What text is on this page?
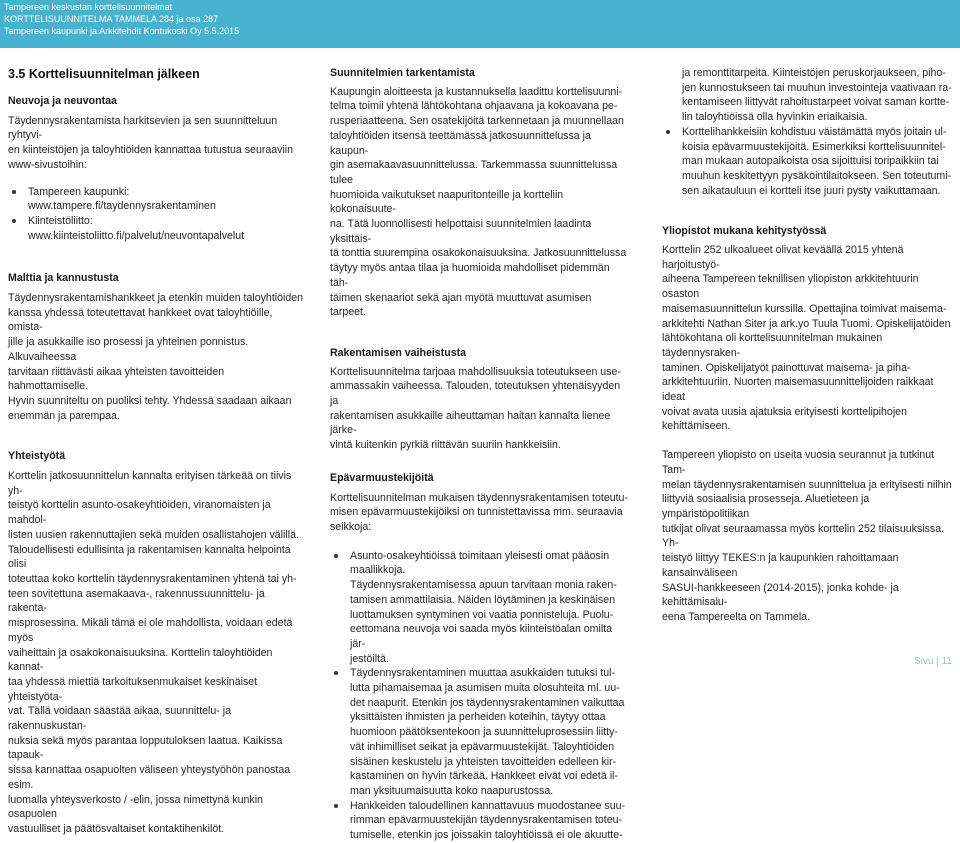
Tampereen keskustan korttelisuunnitelmat
KORTTELISUUNNITELMA TAMMELA 284 ja osa 287
Tampereen kaupunki ja Arkkitehdit Kontukoski Oy 5.5.2015
3.5 Korttelisuunnitelman jälkeen
Neuvoja ja neuvontaa

Täydennysrakentamista harkitsevien ja sen suunnitteluun ryhtyvi-
en kiinteistöjen ja taloyhtiöiden kannattaa tutustua seuraaviin
www-sivustoihin:

Tampereen kaupunki:
www.tampere.fi/taydennysrakentaminen
Kiinteistöliitto:
www.kiinteistoliitto.fi/palvelut/neuvontapalvelut
Malttia ja kannustusta

Täydennysrakentamishankkeet ja etenkin muiden taloyhtiöiden
kanssa yhdessä toteutettavat hankkeet ovat taloyhtiöille, omista-
jille ja asukkaille iso prosessi ja yhteinen ponnistus. Alkuvaiheessa
tarvitaan riittävästi aikaa yhteisten tavoitteiden hahmottamiselle.
Hyvin suunniteltu on puoliksi tehty. Yhdessä saadaan aikaan
enemmän ja parempaa.

Yhteistyötä

Korttelin jatkosuunnittelun kannalta erityisen tärkeää on tiivis yh-
teistyö korttelin asunto-osakeyhtiöiden, viranomaisten ja mahdol-
listen uusien rakennuttajien sekä muiden osallistahojen välillä.
Taloudellisesti edullisinta ja rakentamisen kannalta helpointa olisi
toteuttaa koko korttelin täydennysrakentaminen yhtenä tai yh-
teen sovitettuna asemakaava-, rakennussuunnittelu- ja rakenta-
misprosessina. Mikäli tämä ei ole mahdollista, voidaan edetä myös
vaiheittain ja osakokonaisuuksina. Korttelin taloyhtiöiden kannat-
taa yhdessä miettiä tarkoituksenmukaiset keskinäiset yhteistyöta-
vat. Tällä voidaan säästää aikaa, suunnittelu- ja rakennuskustan-
nuksia sekä myös parantaa lopputuloksen laatua. Kaikissa tapauk-
sissa kannattaa osapuolten väliseen yhteystyöhön panostaa esim.
luomalla yhteysverkosto / -elin, jossa nimettynä kunkin osapuolen
vastuulliset ja päätösvaltaiset kontaktihenkilöt.

Suunnitelmien tarkentamista

Kaupungin aloitteesta ja kustannuksella laadittu korttelisuunni-
telma toimii yhtenä lähtökohtana ohjaavana ja kokoavana pe-
rusperiaatteena. Sen osatekijöitä tarkennetaan ja muunnellaan
taloyhtiöiden itsensä teettämässä jatkosuunnittelussa ja kaupun-
gin asemakaavasuunnittelussa. Tarkemmassa suunnittelussa tulee
huomioida vaikutukset naapuritonteille ja kortteliin kokonaisuute-
na. Tätä luonnollisesti helpottaisi suunnitelmien laadinta yksittäis-
tä tonttia suurempina osakokonaisuuksina. Jatkosuunnittelussa
täytyy myös antaa tilaa ja huomioida mahdolliset pidemmän täh-
täimen skenaariot sekä ajan myötä muuttuvat asumisen tarpeet.

Rakentamisen vaiheistusta

Korttelisuunnitelma tarjoaa mahdollisuuksia toteutukseen use-
ammassakin vaiheessa. Talouden, toteutuksen yhtenäisyyden ja
rakentamisen asukkaille aiheuttaman haitan kannalta lienee järke-
vintä kuitenkin pyrkiä riittävän suuriin hankkeisiin.

Epävarmuustekijöitä

Korttelisuunnitelman mukaisen täydennysrakentamisen toteutu-
misen epävarmuustekijöiksi on tunnistettavissa mm. seuraavia
seikkoja:

Asunto-osakeyhtiöissä toimitaan yleisesti omat pääosin maallikkoja.
Täydennysrakentamisessa apuun tarvitaan monia raken-
tamisen ammattilaisia. Näiden löytäminen ja keskinäisen
luottamuksen syntyminen voi vaatia ponnisteluja. Puolu-
eettomana neuvoja voi saada myös kiinteistöalan omilta jär-
jestöiltä.
Täydennysrakentaminen muuttaa asukkaiden tutuksi tul-
lutta pihamaisemaa ja asumisen muita olosuhteita ml. uu-
det naapurit. Etenkin jos täydennysrakentaminen vaikuttaa
yksittäisten ihmisten ja perheiden koteihin, täytyy ottaa
huomioon päätöksentekoon ja suunnitteluprosessiin liitty-
vät inhimilliset seikat ja epävarmuustekijät. Taloyhtiöiden
sisäinen keskustelu ja yhteisten tavoitteiden edelleen kir-
kastaminen on hyvin tärkeää. Hankkeet eivät voi edetä il-
man yksituumaisuutta koko naapurustossa.
Hankkeiden taloudellinen kannattavuus muodostanee suu-
rimman epävarmuustekijän täydennysrakentamisen toteu-
tumiselle, etenkin jos joissakin taloyhtiöissä ei ole akuutte-

ja remonttitarpeita. Kiinteistöjen peruskorjaukseen, piho-
jen kunnostukseen tai muuhun investointeja vaativaan ra-
kentamiseen liittyvät rahoitustarpeet voivat saman kortte-
lin taloyhtiöissä olla hyvinkin eriaikaisia.

Korttelihankkeisiin kohdistuu väistämättä myös joitain ul-
koisia epävarmuustekijöitä. Esimerkiksi korttelisuunnitel-
man mukaan autopaikoista osa sijoittuisi toripaikkiin tai
muuhun keskitettyyn pysäköintilaitokseen. Sen toteutumi-
sen aikatauluun ei kortteli itse juuri pysty vaikuttamaan.
Yliopistot mukana kehitystyössä

Korttelin 252 ulkoalueet olivat keväällä 2015 yhtenä harjoitustyö-
aiheena Tampereen teknillisen yliopiston arkkitehtuurin osaston
maisemasuunnittelun kurssilla. Opettajina toimivat maisema-
arkkitehti Nathan Siter ja ark.yo Tuula Tuomi. Opiskelijatöiden
lähtökohtana oli korttelisuunnitelman mukainen täydennysraken-
taminen. Opiskelijatyöt painottuvat maisema- ja piha-
arkkitehtuuriin. Nuorten maisemasuunnittelijoiden raikkaat ideat
voivat avata uusia ajatuksia erityisesti korttelipihojen
kehittämiseen.

Tampereen yliopisto on useita vuosia seurannut ja tutkinut Tam-
melan täydennysrakentamisen suunnittelua ja erityisesti niihin
liittyviä sosiaalisia prosesseja. Aluetieteen ja ympäristöpolitiikan
tutkijat olivat seuraamassa myös korttelin 252 tilaisuuksissa. Yh-
teistyö liittyy TEKES:n ja kaupunkien rahoittamaan kansainväliseen
SASUI-hankkeeseen (2014-2015), jonka kohde- ja kehittämisalu-
eena Tampereelta on Tammela.

Sivu | 11
